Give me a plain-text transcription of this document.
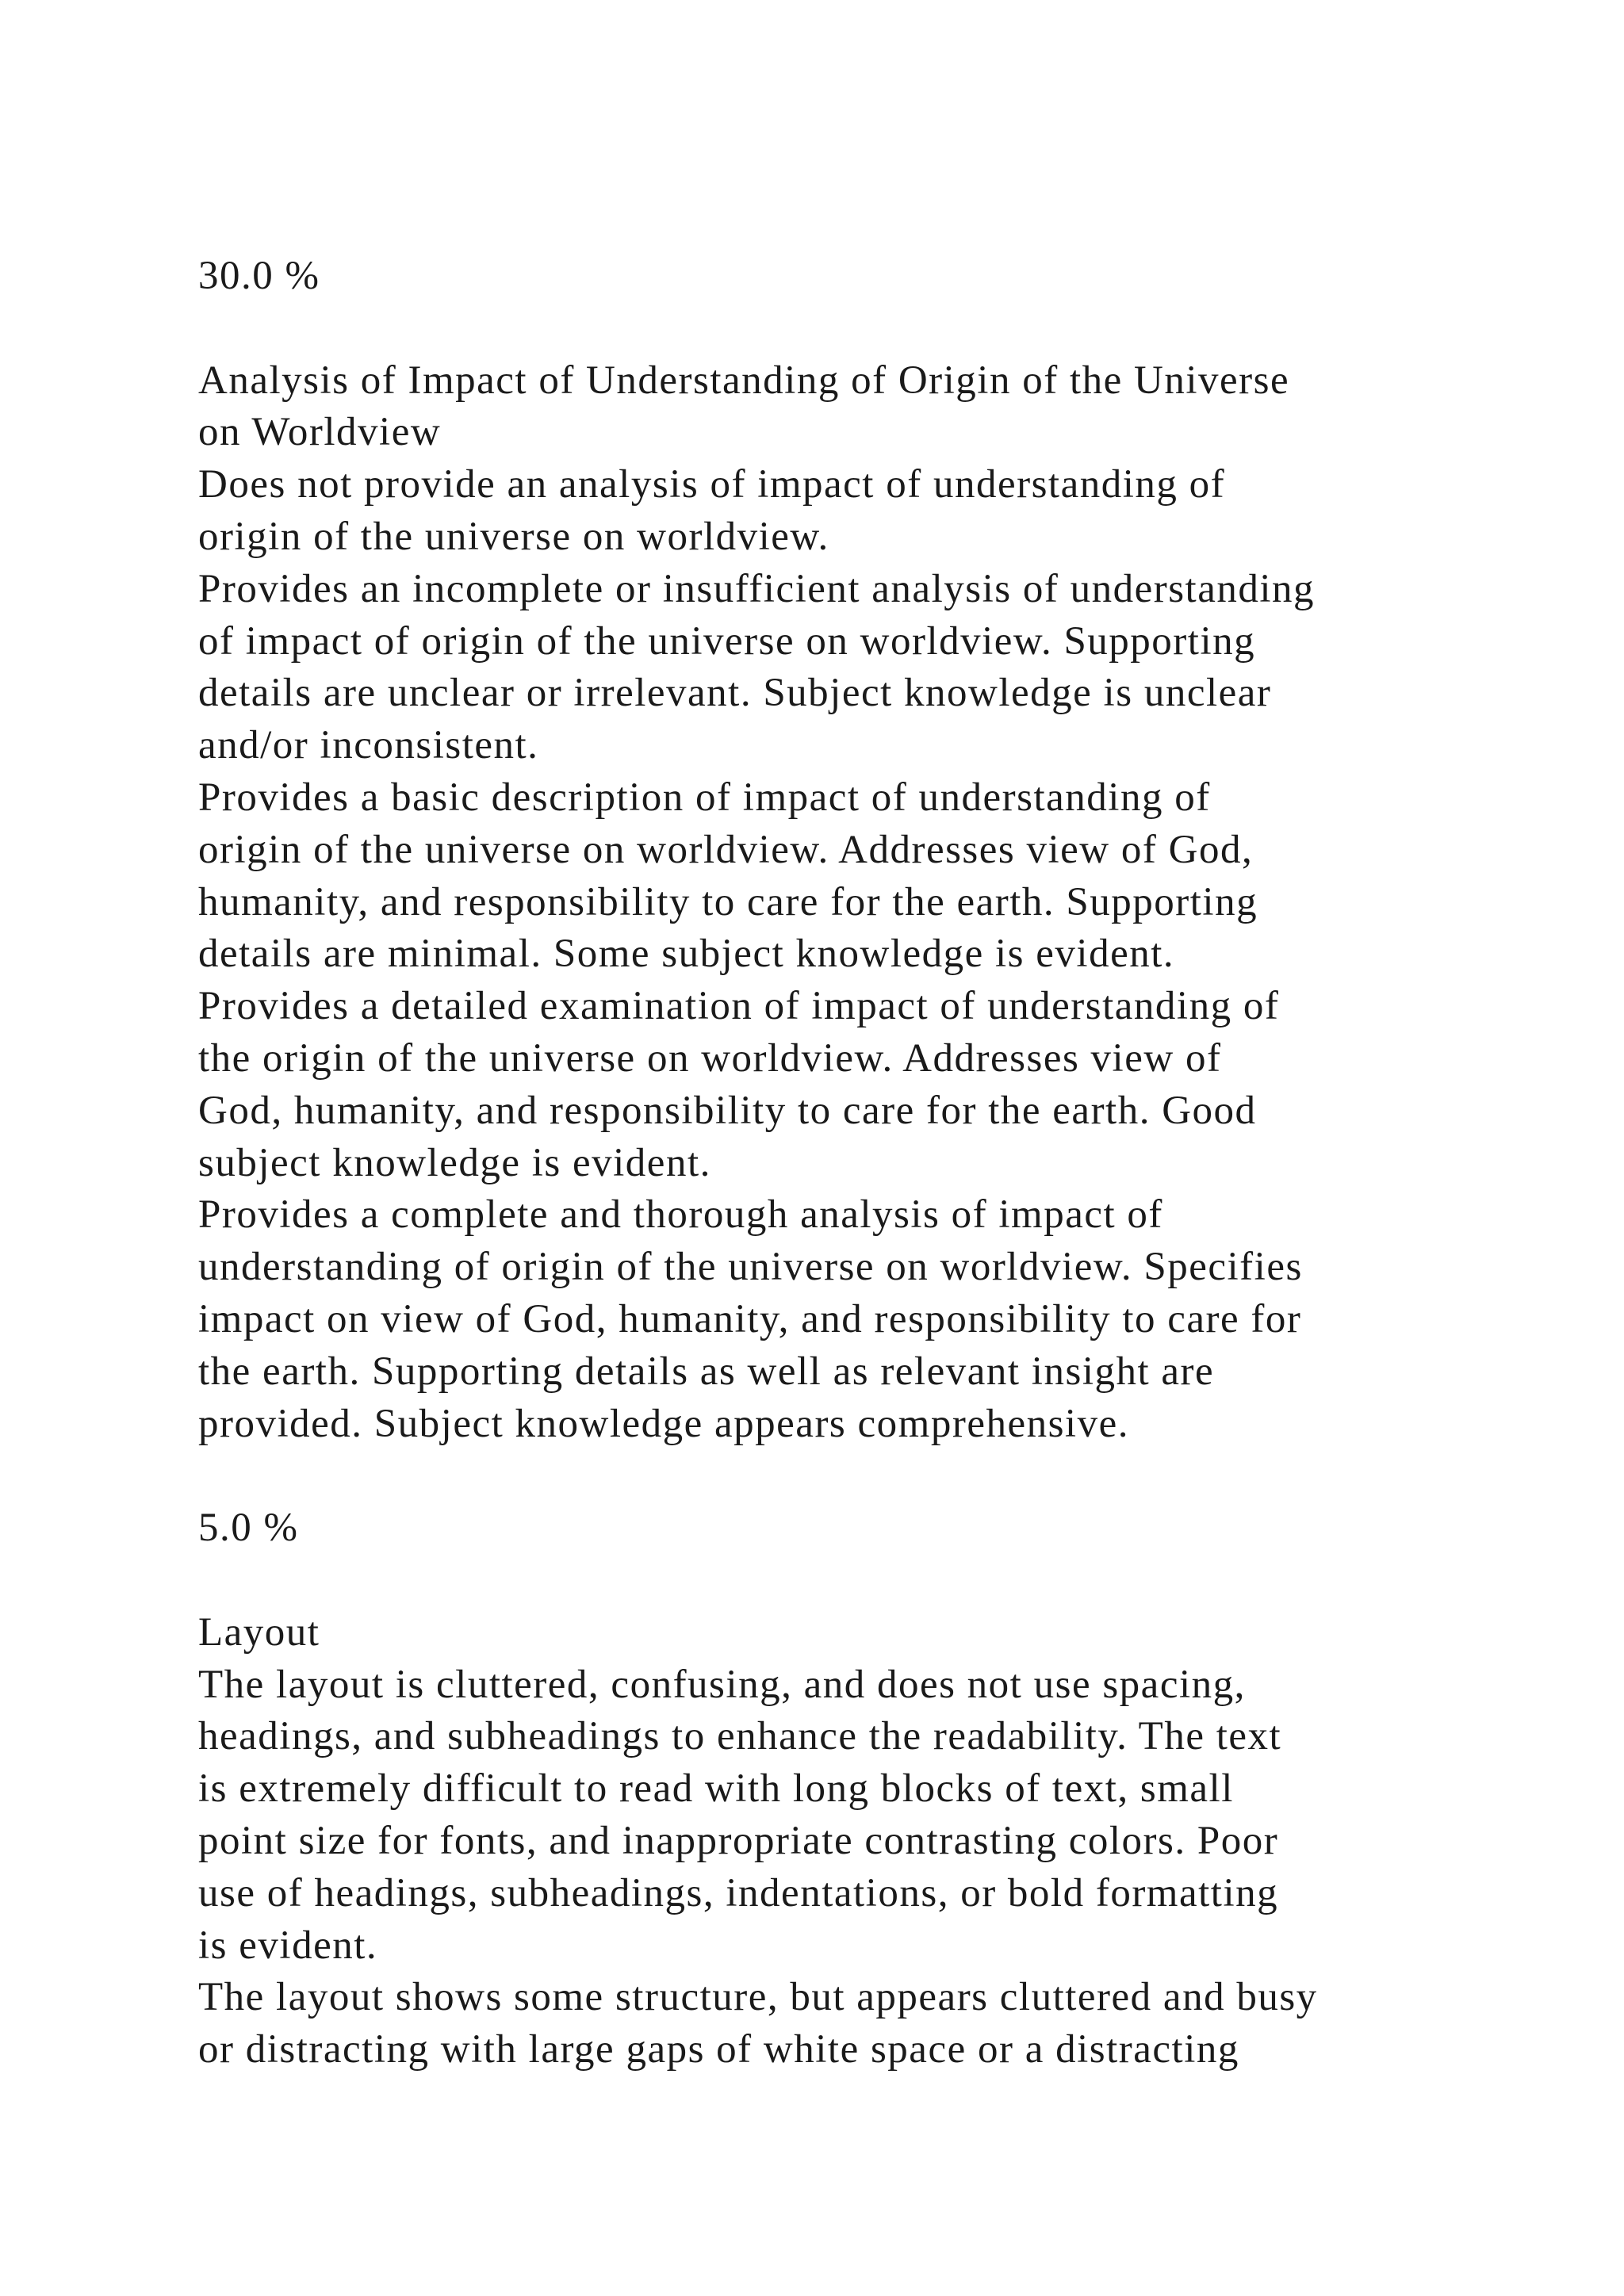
30.0 %
Analysis of Impact of Understanding of Origin of the Universe
on Worldview
Does not provide an analysis of impact of understanding of
origin of the universe on worldview.
Provides an incomplete or insufficient analysis of understanding
of impact of origin of the universe on worldview. Supporting
details are unclear or irrelevant. Subject knowledge is unclear
and/or inconsistent.
Provides a basic description of impact of understanding of
origin of the universe on worldview. Addresses view of God,
humanity, and responsibility to care for the earth. Supporting
details are minimal. Some subject knowledge is evident.
Provides a detailed examination of impact of understanding of
the origin of the universe on worldview. Addresses view of
God, humanity, and responsibility to care for the earth. Good
subject knowledge is evident.
Provides a complete and thorough analysis of impact of
understanding of origin of the universe on worldview. Specifies
impact on view of God, humanity, and responsibility to care for
the earth. Supporting details as well as relevant insight are
provided. Subject knowledge appears comprehensive.
5.0 %
Layout
The layout is cluttered, confusing, and does not use spacing,
headings, and subheadings to enhance the readability. The text
is extremely difficult to read with long blocks of text, small
point size for fonts, and inappropriate contrasting colors. Poor
use of headings, subheadings, indentations, or bold formatting
is evident.
The layout shows some structure, but appears cluttered and busy
or distracting with large gaps of white space or a distracting
